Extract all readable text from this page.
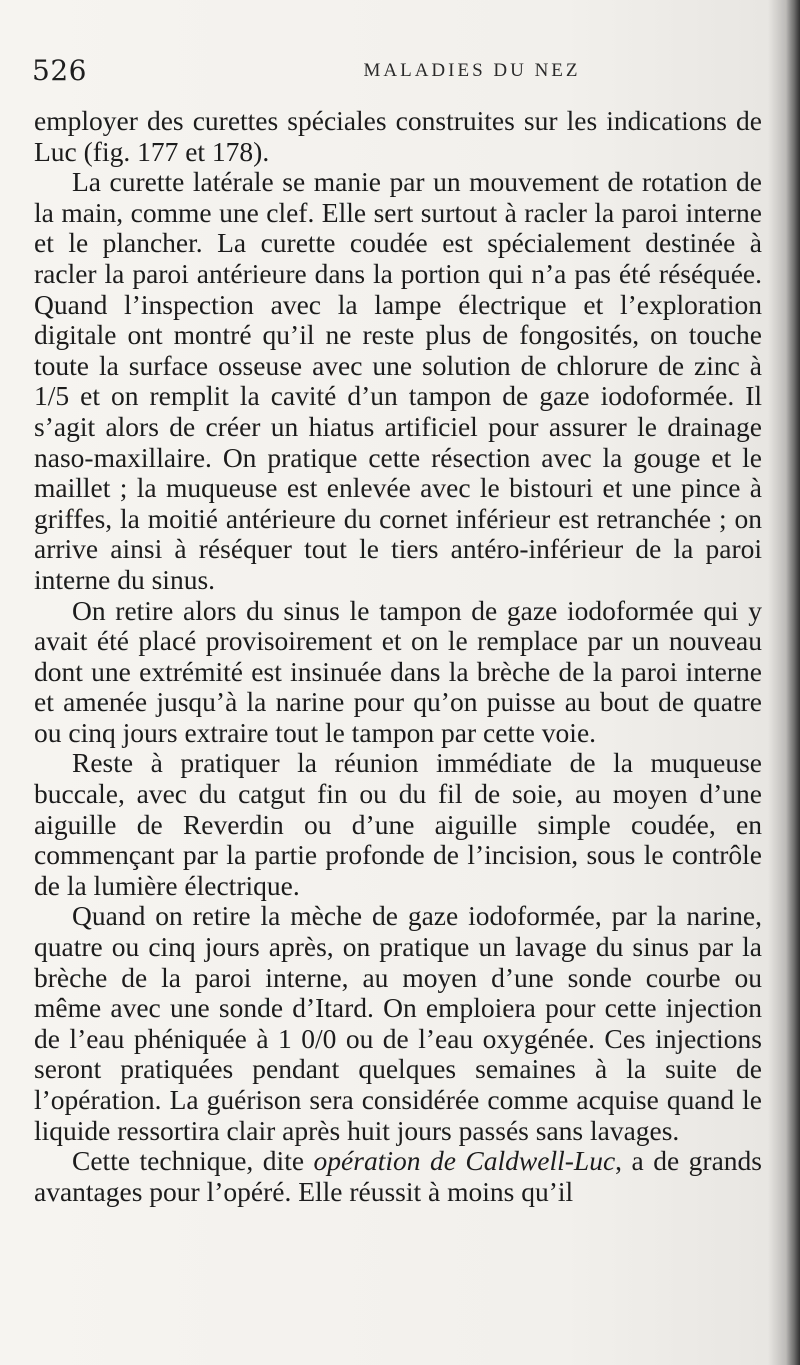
526	MALADIES DU NEZ

employer des curettes spéciales construites sur les indications de Luc (fig. 177 et 178).

La curette latérale se manie par un mouvement de rotation de la main, comme une clef. Elle sert surtout à racler la paroi interne et le plancher. La curette coudée est spécialement destinée à racler la paroi antérieure dans la portion qui n’a pas été réséquée. Quand l’inspection avec la lampe électrique et l’exploration digitale ont montré qu’il ne reste plus de fongosités, on touche toute la surface osseuse avec une solution de chlorure de zinc à 1/5 et on remplit la cavité d’un tampon de gaze iodoformée. Il s’agit alors de créer un hiatus artificiel pour assurer le drainage naso-maxillaire. On pratique cette résection avec la gouge et le maillet ; la muqueuse est enlevée avec le bistouri et une pince à griffes, la moitié antérieure du cornet inférieur est retranchée ; on arrive ainsi à réséquer tout le tiers antéro-inférieur de la paroi interne du sinus.

On retire alors du sinus le tampon de gaze iodoformée qui y avait été placé provisoirement et on le remplace par un nouveau dont une extrémité est insinuée dans la brèche de la paroi interne et amenée jusqu’à la narine pour qu’on puisse au bout de quatre ou cinq jours extraire tout le tampon par cette voie.

Reste à pratiquer la réunion immédiate de la muqueuse buccale, avec du catgut fin ou du fil de soie, au moyen d’une aiguille de Reverdin ou d’une aiguille simple coudée, en commençant par la partie profonde de l’incision, sous le contrôle de la lumière électrique.

Quand on retire la mèche de gaze iodoformée, par la narine, quatre ou cinq jours après, on pratique un lavage du sinus par la brèche de la paroi interne, au moyen d’une sonde courbe ou même avec une sonde d’Itard. On emploiera pour cette injection de l’eau phéniquée à 1 0/0 ou de l’eau oxygénée. Ces injections seront pratiquées pendant quelques semaines à la suite de l’opération. La guérison sera considérée comme acquise quand le liquide ressortira clair après huit jours passés sans lavages.

Cette technique, dite opération de Caldwell-Luc, a de grands avantages pour l’opéré. Elle réussit à moins qu’il
